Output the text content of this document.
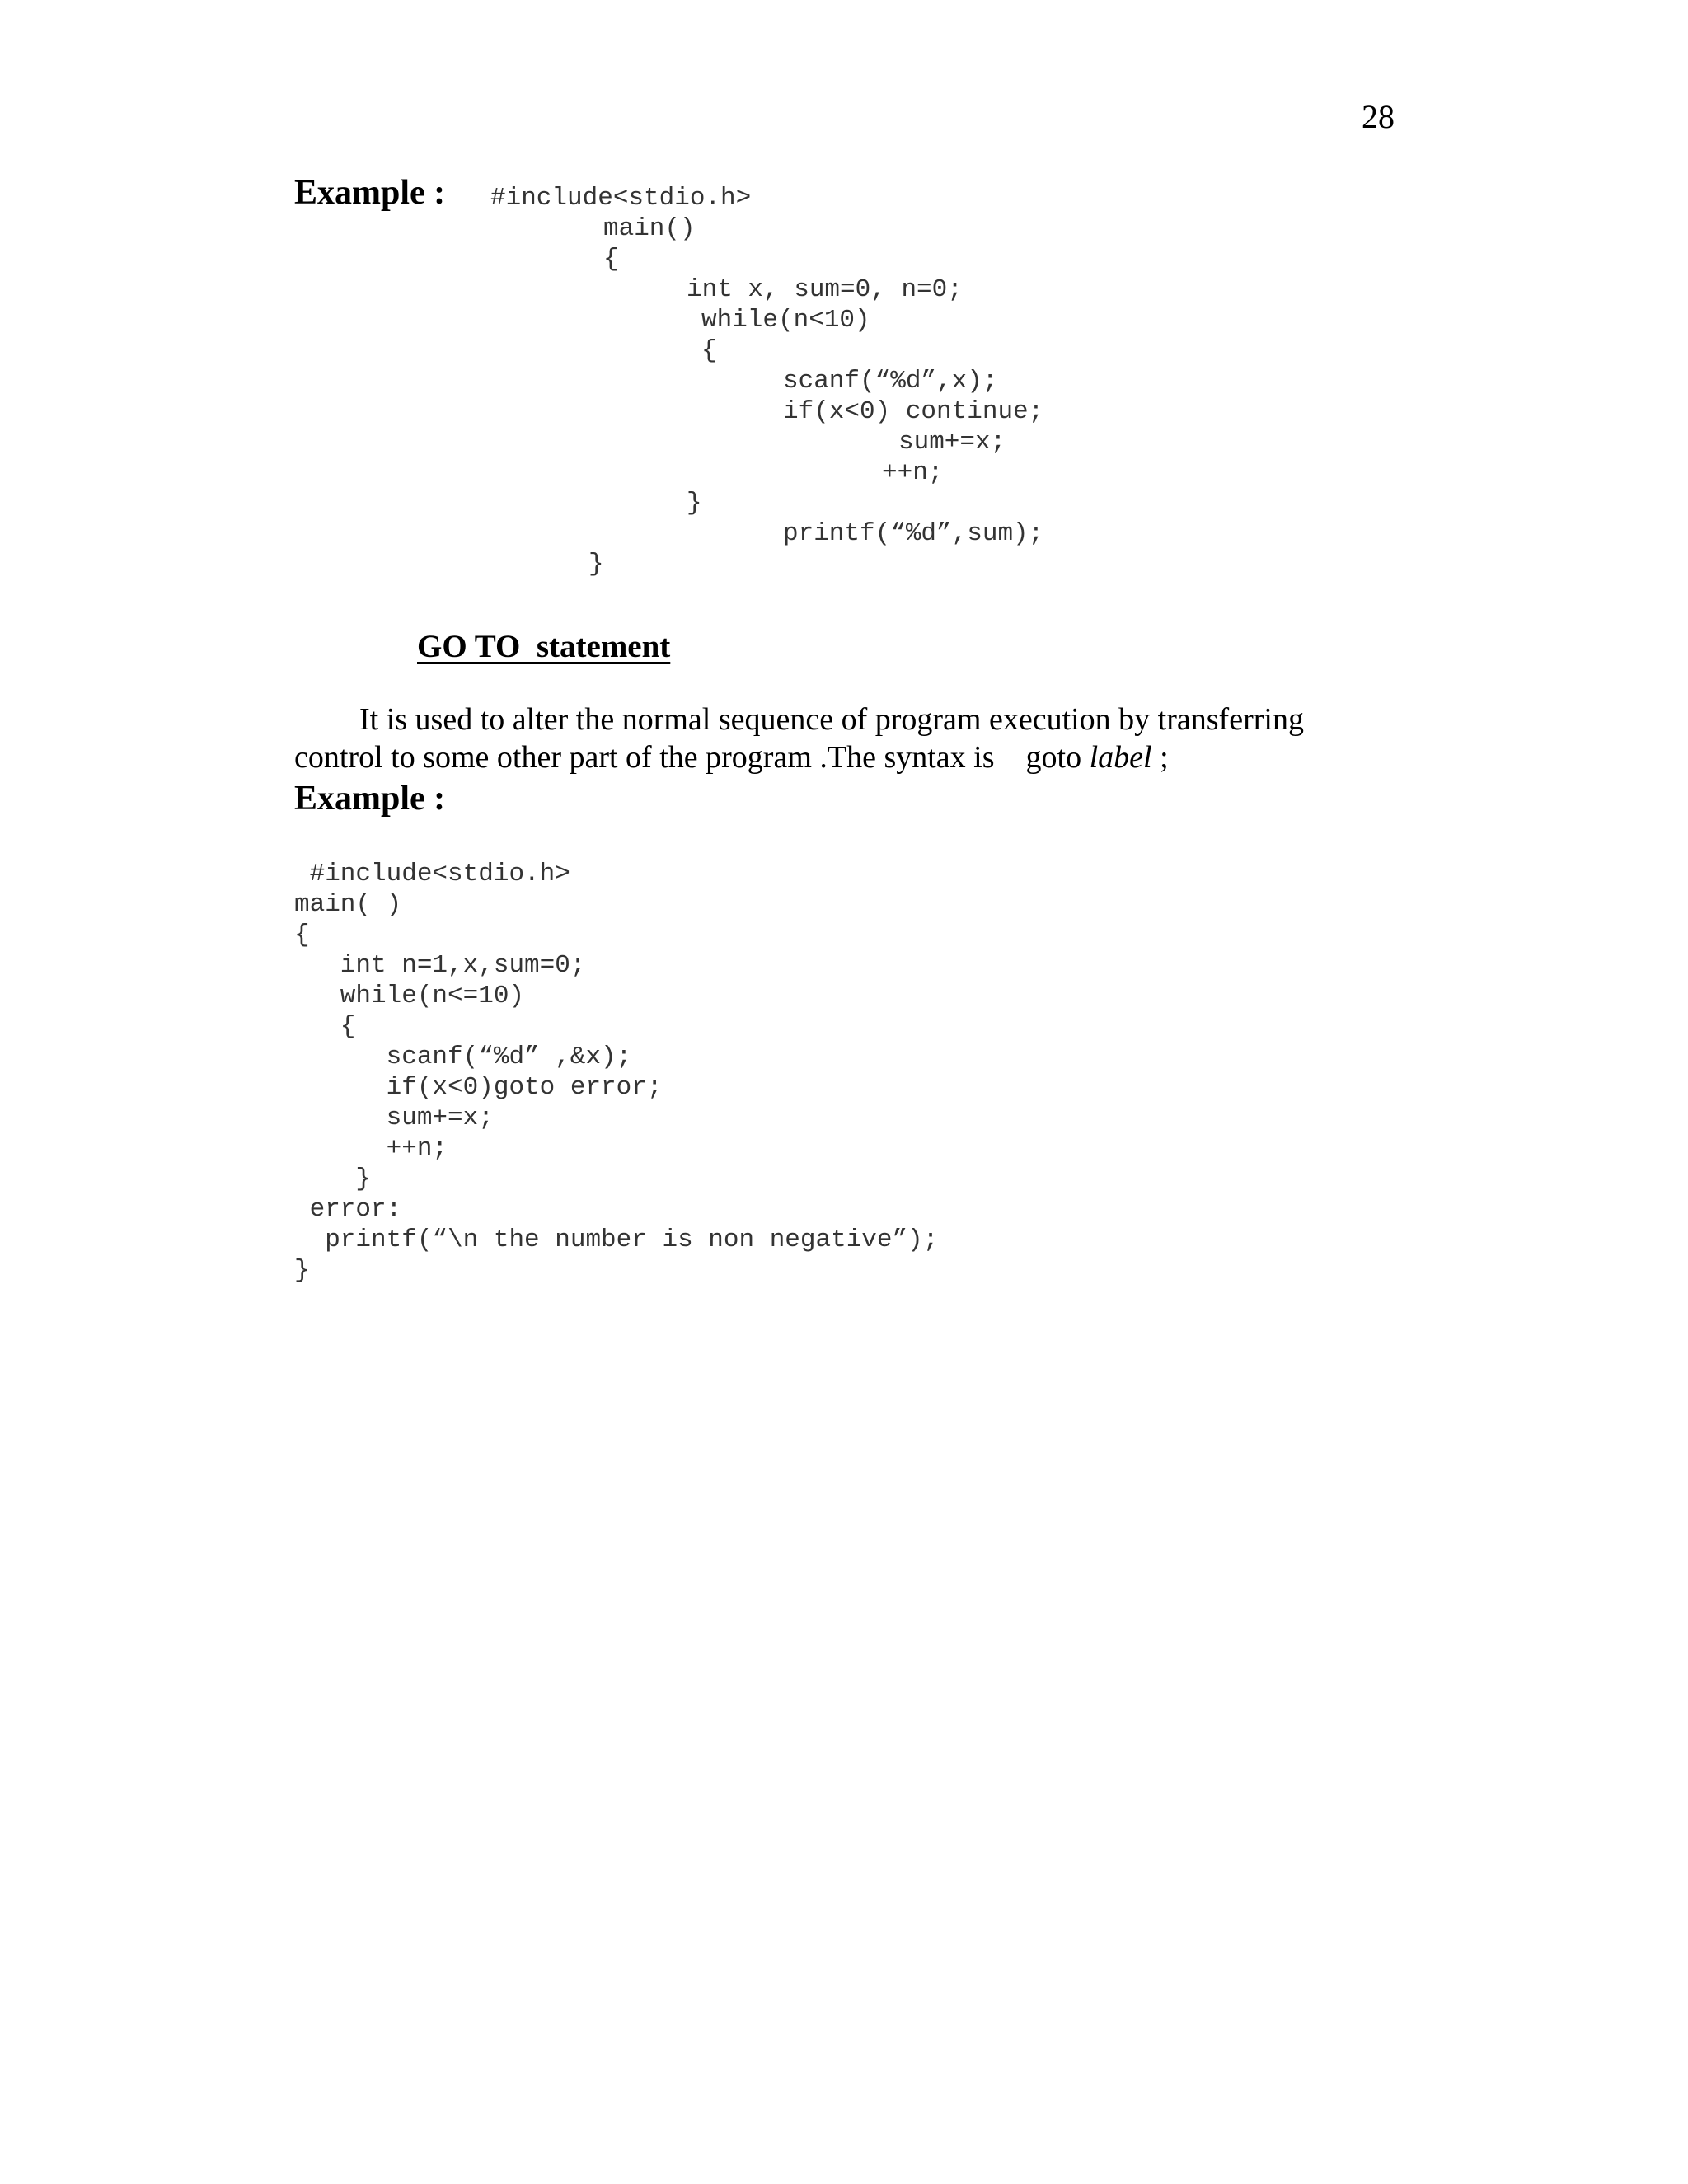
28
Example : #include<stdio.h>
main()
{
int x, sum=0, n=0;
while(n<10)
{
scanf(“%d”,x);
if(x<0) continue;
sum+=x;
++n;
}
printf(“%d”,sum);
}
GO TO  statement
It is used to alter the normal sequence of program execution by transferring
control to some other part of the program .The syntax is    goto label ;
Example :
#include<stdio.h>
main( )
{
int n=1,x,sum=0;
while(n<=10)
{
scanf(“%d” ,&x);
if(x<0)goto error;
sum+=x;
++n;
}
error:
printf(“\n the number is non negative”);
}
